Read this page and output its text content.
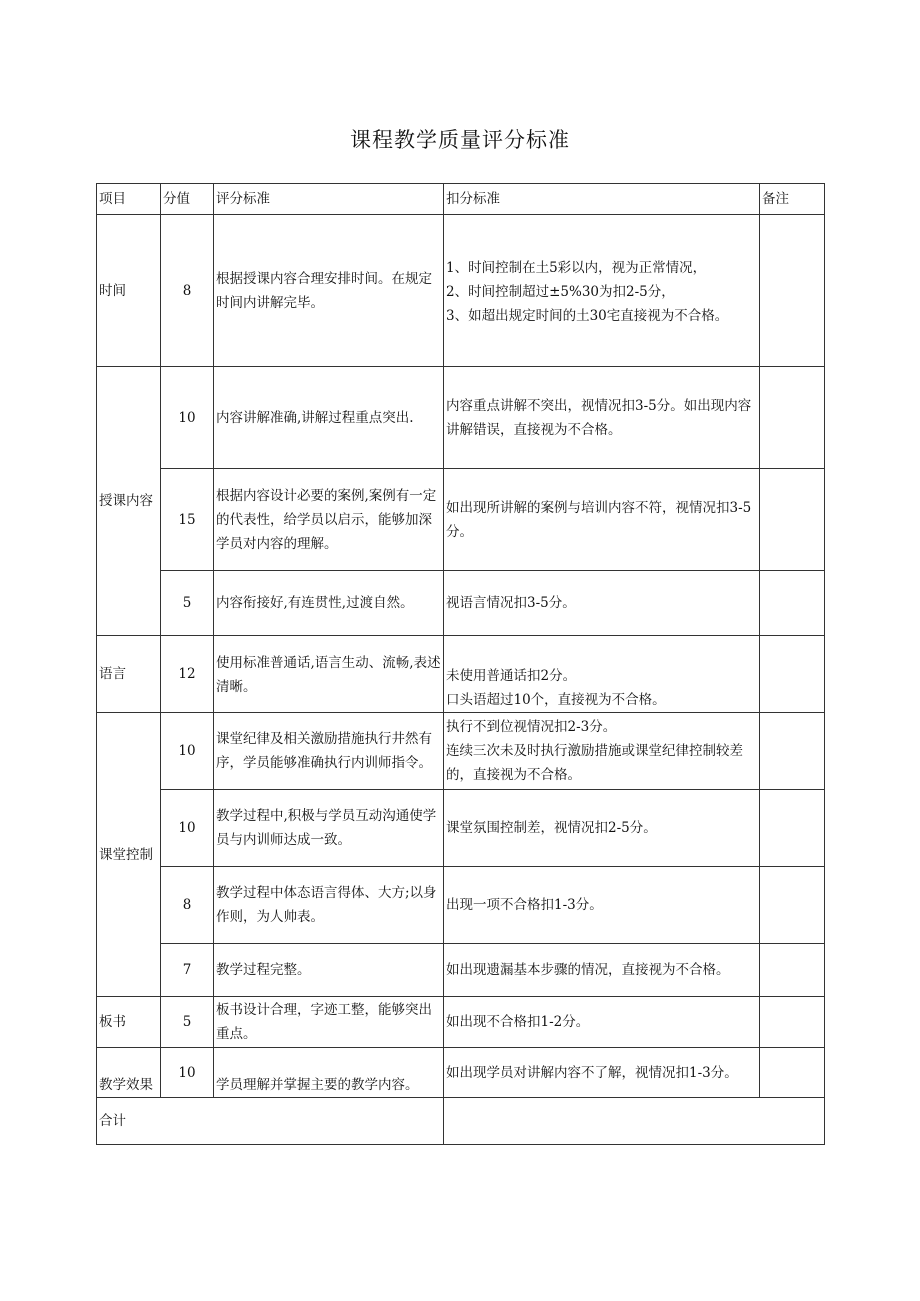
课程教学质量评分标准
项目	分值	评分标准	扣分标准	备注
时间	8	根据授课内容合理安排时间。在规定时间内讲解完毕。	1、时间控制在土5彩以内，视为正常情况，
2、时间控制超过±5%30为扣2-5分，
3、如超出规定时间的土30宅直接视为不合格。	
授课内容	10	内容讲解准确,讲解过程重点突出.	内容重点讲解不突出，视情况扣3-5分。如出现内容讲解错误，直接视为不合格。	
	15	根据内容设计必要的案例,案例有一定的代表性，给学员以启示，能够加深学员对内容的理解。	如出现所讲解的案例与培训内容不符，视情况扣3-5分。	
	5	内容衔接好,有连贯性,过渡自然。	视语言情况扣3-5分。	
语言	12	使用标准普通话,语言生动、流畅,表述清晰。	未使用普通话扣2分。
口头语超过10个，直接视为不合格。	
课堂控制	10	课堂纪律及相关激励措施执行井然有序，学员能够准确执行内训师指令。	执行不到位视情况扣2-3分。
连续三次未及时执行激励措施或课堂纪律控制较差的，直接视为不合格。	
	10	教学过程中,积极与学员互动沟通使学员与内训师达成一致。	课堂氛围控制差，视情况扣2-5分。	
	8	教学过程中体态语言得体、大方;以身作则，为人帅表。	出现一项不合格扣1-3分。	
	7	教学过程完整。	如出现遗漏基本步骤的情况，直接视为不合格。	
板书	5	板书设计合理，字迹工整，能够突出重点。	如出现不合格扣1-2分。	
教学效果	10	学员理解并掌握主要的教学内容。	如出现学员对讲解内容不了解，视情况扣1-3分。	
合计				
